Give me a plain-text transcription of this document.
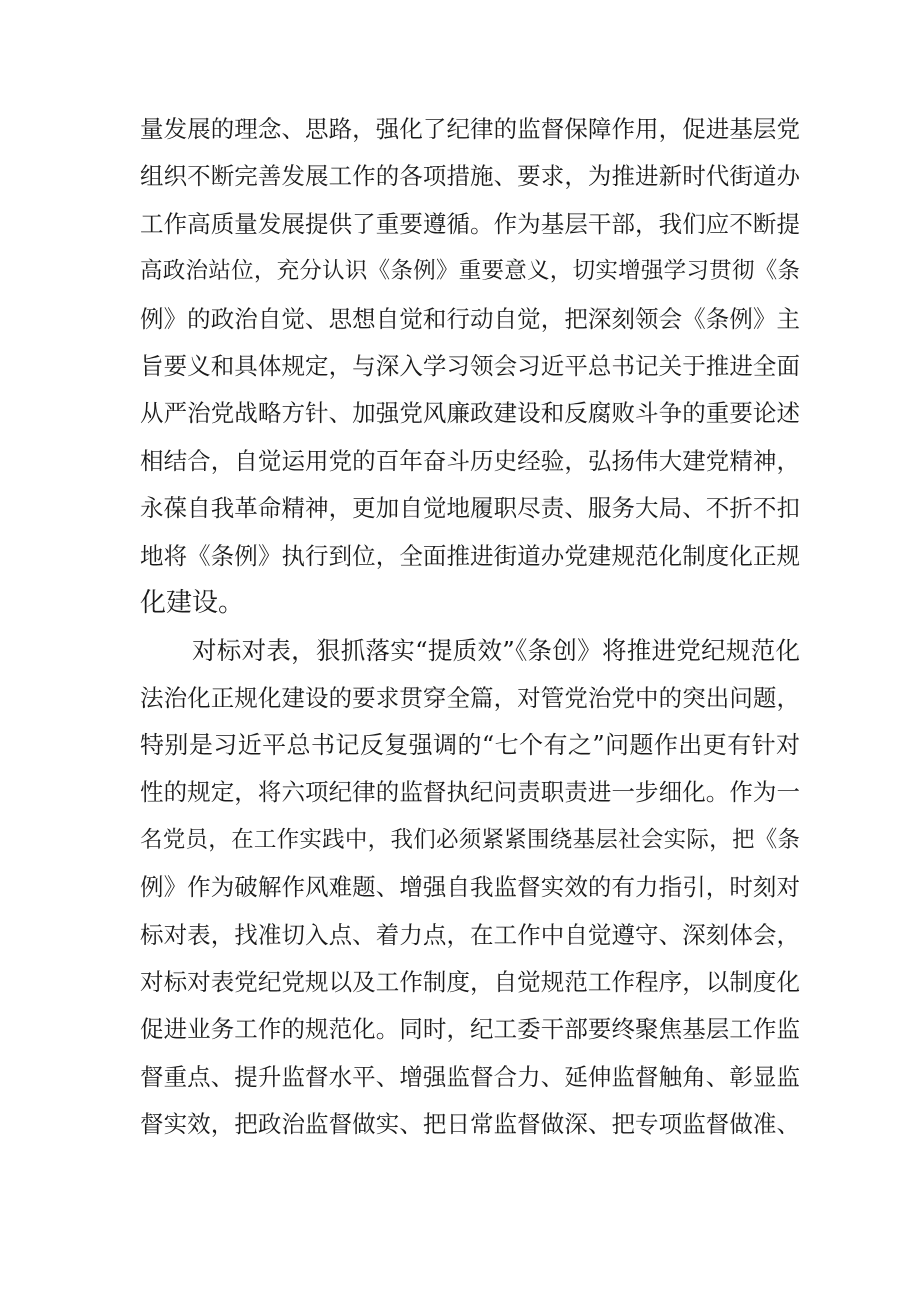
量发展的理念、思路，强化了纪律的监督保障作用，促进基层党
组织不断完善发展工作的各项措施、要求，为推进新时代街道办
工作高质量发展提供了重要遵循。作为基层干部，我们应不断提
高政治站位，充分认识《条例》重要意义，切实增强学习贯彻《条
例》的政治自觉、思想自觉和行动自觉，把深刻领会《条例》主
旨要义和具体规定，与深入学习领会习近平总书记关于推进全面
从严治党战略方针、加强党风廉政建设和反腐败斗争的重要论述
相结合，自觉运用党的百年奋斗历史经验，弘扬伟大建党精神，
永葆自我革命精神，更加自觉地履职尽责、服务大局、不折不扣
地将《条例》执行到位，全面推进街道办党建规范化制度化正规
化建设。
对标对表，狠抓落实“提质效”《条创》将推进党纪规范化
法治化正规化建设的要求贯穿全篇，对管党治党中的突出问题，
特别是习近平总书记反复强调的“七个有之”问题作出更有针对
性的规定，将六项纪律的监督执纪问责职责进一步细化。作为一
名党员，在工作实践中，我们必须紧紧围绕基层社会实际，把《条
例》作为破解作风难题、增强自我监督实效的有力指引，时刻对
标对表，找准切入点、着力点，在工作中自觉遵守、深刻体会，
对标对表党纪党规以及工作制度，自觉规范工作程序，以制度化
促进业务工作的规范化。同时，纪工委干部要终聚焦基层工作监
督重点、提升监督水平、增强监督合力、延伸监督触角、彰显监
督实效，把政治监督做实、把日常监督做深、把专项监督做准、
